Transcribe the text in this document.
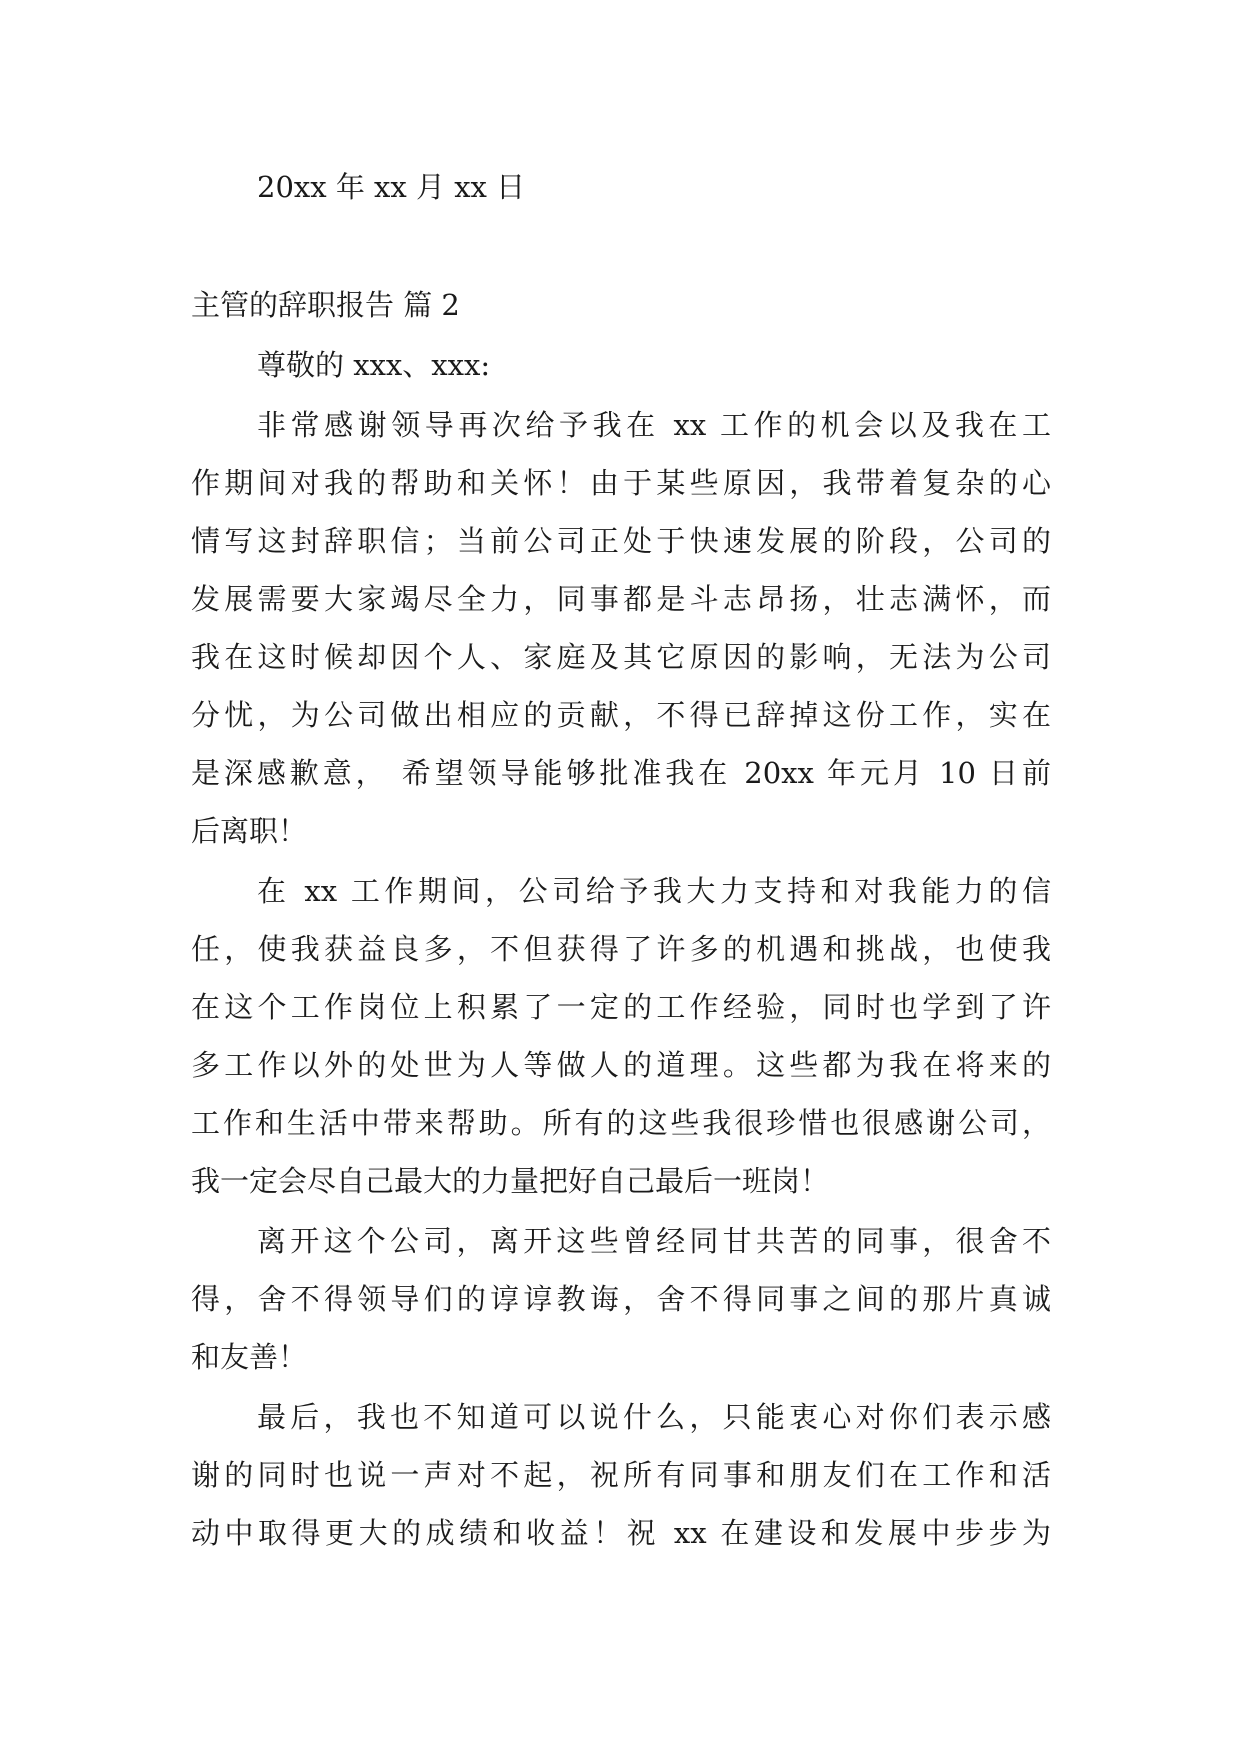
20xx 年 xx 月 xx 日
主管的辞职报告 篇 2
尊敬的 xxx、xxx:
非常感谢领导再次给予我在 xx 工作的机会以及我在工
作期间对我的帮助和关怀！由于某些原因，我带着复杂的心
情写这封辞职信；当前公司正处于快速发展的阶段，公司的
发展需要大家竭尽全力，同事都是斗志昂扬，壮志满怀，而
我在这时候却因个人、家庭及其它原因的影响，无法为公司
分忧，为公司做出相应的贡献，不得已辞掉这份工作，实在
是深感歉意， 希望领导能够批准我在 20xx 年元月 10 日前
后离职！
在 xx 工作期间，公司给予我大力支持和对我能力的信
任，使我获益良多，不但获得了许多的机遇和挑战，也使我
在这个工作岗位上积累了一定的工作经验，同时也学到了许
多工作以外的处世为人等做人的道理。这些都为我在将来的
工作和生活中带来帮助。所有的这些我很珍惜也很感谢公司，
我一定会尽自己最大的力量把好自己最后一班岗！
离开这个公司，离开这些曾经同甘共苦的同事，很舍不
得，舍不得领导们的谆谆教诲，舍不得同事之间的那片真诚
和友善！
最后，我也不知道可以说什么，只能衷心对你们表示感
谢的同时也说一声对不起，祝所有同事和朋友们在工作和活
动中取得更大的成绩和收益！祝 xx 在建设和发展中步步为
